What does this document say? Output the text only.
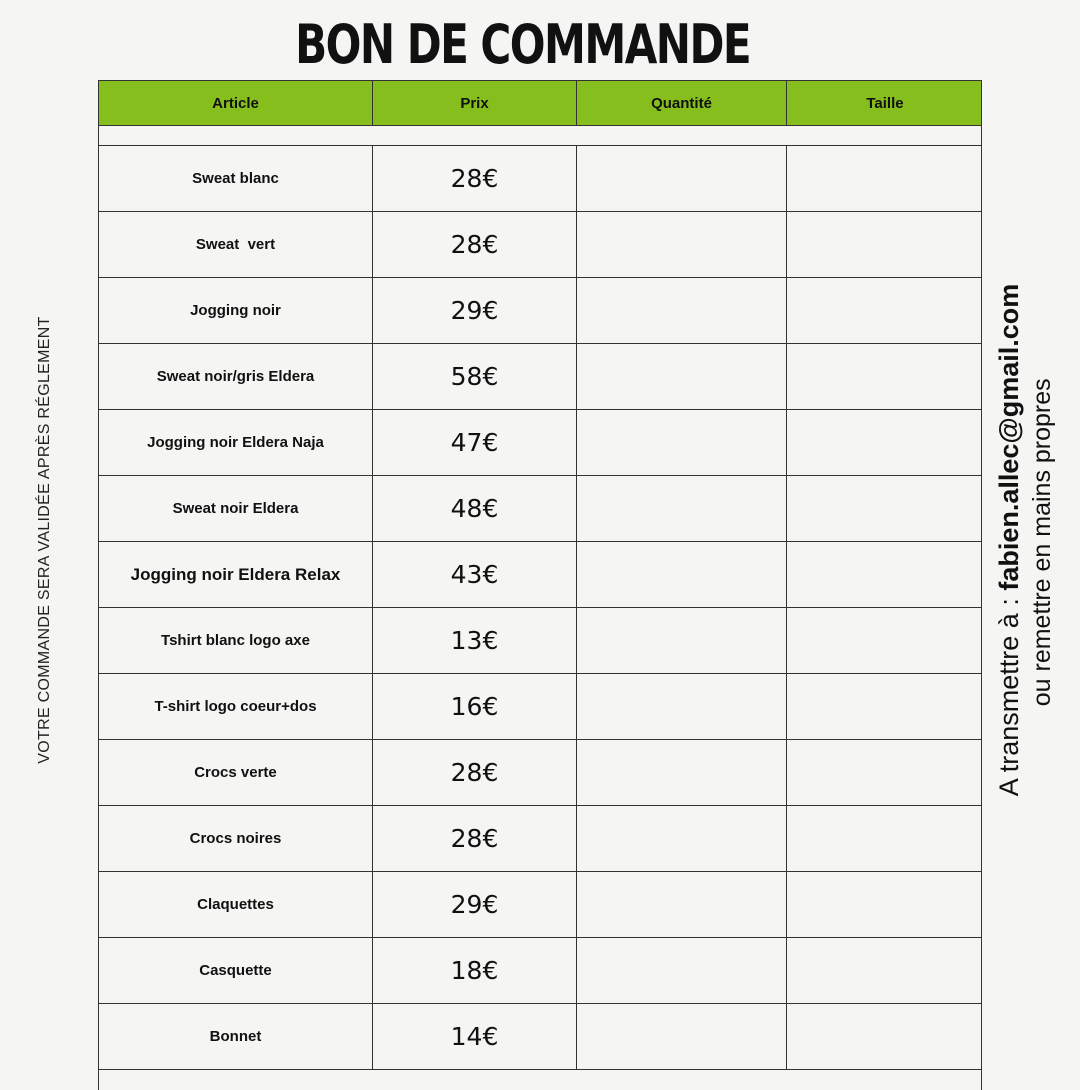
BON DE COMMANDE
Article	Prix	Quantité	Taille
Sweat blanc	28€
Sweat  vert	28€
Jogging noir	29€
Sweat noir/gris Eldera	58€
Jogging noir Eldera Naja	47€
Sweat noir Eldera	48€
Jogging noir Eldera Relax	43€
Tshirt blanc logo axe	13€
T-shirt logo coeur+dos	16€
Crocs verte	28€
Crocs noires	28€
Claquettes	29€
Casquette	18€
Bonnet	14€
VOTRE COMMANDE SERA VALIDÉE APRÈS RÉGLEMENT	A transmettre à : fabien.allec@gmail.com ou remettre en mains propres
